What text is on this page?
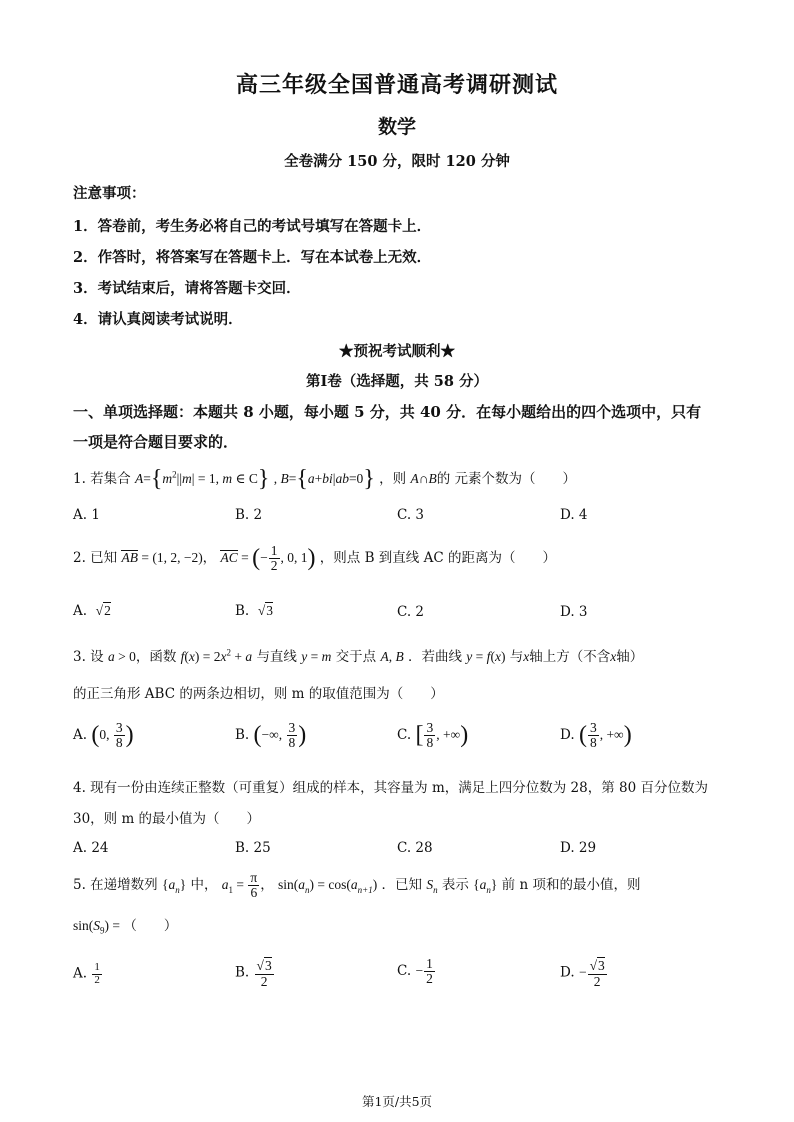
高三年级全国普通高考调研测试
数学
全卷满分 150 分，限时 120 分钟
注意事项：
1．答卷前，考生务必将自己的考试号填写在答题卡上．
2．作答时，将答案写在答题卡上．写在本试卷上无效．
3．考试结束后，请将答题卡交回．
4．请认真阅读考试说明．
★预祝考试顺利★
第Ⅰ卷（选择题，共 58 分）
一、单项选择题：本题共 8 小题，每小题 5 分，共 40 分．在每小题给出的四个选项中，只有
一项是符合题目要求的．
1. 若集合 $A=\{m^2||m| = 1$, m ∈ C} , B={a+bi|ab=0} ，则 A∩B的 元素个数为（　　）
A. 1	B. 2	C. 3	D. 4
2. 已知 AB = (1, 2, −2)， AC = (− $\frac{1}{2}$ , 0, 1) ，则点 B 到直线 AC 的距离为（　　）
A. √2	B. √3	C. 2	D. 3
3. 设 a > 0，函数 $f(x) = 2x^2 + a$ 与直线 y = m 交于点 A, B ．若曲线 y = f(x) 与x轴上方（不含x轴）
的正三角形 ABC 的两条边相切，则 m 的取值范围为（　　）
A. (0, $\frac{3}{8}$ )	B. (−∞, $\frac{3}{8}$ )	C. [ $\frac{3}{8}$ , +∞)	D. ( $\frac{3}{8}$ , +∞)
4. 现有一份由连续正整数（可重复）组成的样本，其容量为 m，满足上四分位数为 28，第 80 百分位数为
30，则 m 的最小值为（　　）
A. 24	B. 25	C. 28	D. 29
5. 在递增数列 $\{a_n\}$ 中， $a_1 = \frac{\pi}{6}$ ， $\sin(a_n) = \cos(a_{n+1})$ ．已知 $S_n$ 表示 $\{a_n\}$ 前 n 项和的最小值，则
$\sin(S_9)$ = （　　）
A. $\frac{1}{2}$	B. $\frac{√3}{2}$	C. − $\frac{1}{2}$	D. − $\frac{√3}{2}$
第1页/共5页
